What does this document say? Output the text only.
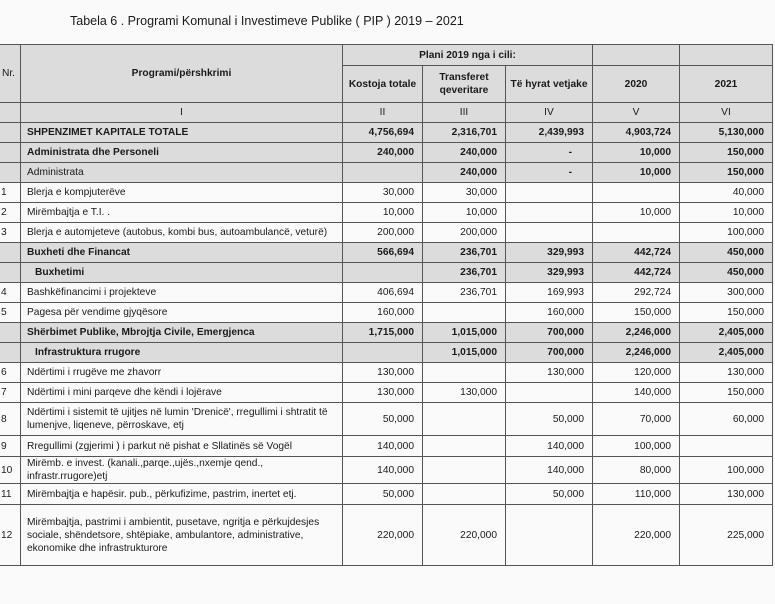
Tabela 6 . Programi Komunal i Investimeve Publike ( PIP ) 2019 – 2021
Nr.	Programi/përshkrimi	Plani 2019 nga i cili:				
		Kostoja totale	Transferet qeveritare	Të hyrat vetjake	2020	2021
	I	II	III	IV	V	VI
	SHPENZIMET KAPITALE TOTALE	4,756,694	2,316,701	2,439,993	4,903,724	5,130,000
	Administrata dhe Personeli	240,000	240,000	-	10,000	150,000
	Administrata		240,000	-	10,000	150,000
1	Blerja e kompjuterëve	30,000	30,000			40,000
2	Mirëmbajtja e T.I. .	10,000	10,000		10,000	10,000
3	Blerja e automjeteve (autobus, kombi bus, autoambulancë, veturë)	200,000	200,000			100,000
	Buxheti dhe Financat	566,694	236,701	329,993	442,724	450,000
	Buxhetimi		236,701	329,993	442,724	450,000
4	Bashkëfinancimi i projekteve	406,694	236,701	169,993	292,724	300,000
5	Pagesa për vendime gjyqësore	160,000		160,000	150,000	150,000
	Shërbimet Publike, Mbrojtja Civile, Emergjenca	1,715,000	1,015,000	700,000	2,246,000	2,405,000
	Infrastruktura rrugore		1,015,000	700,000	2,246,000	2,405,000
6	Ndërtimi i rrugëve me zhavorr	130,000		130,000	120,000	130,000
7	Ndërtimi i mini parqeve dhe këndi i lojërave	130,000	130,000		140,000	150,000
8	Ndërtimi i sistemit të ujitjes në lumin 'Drenicë', rregullimi i shtratit të lumenjve, liqeneve, përroskave, etj	50,000		50,000	70,000	60,000
9	Rregullimi (zgjerimi ) i parkut në pishat e Sllatinës së Vogël	140,000		140,000	100,000	
10	Mirëmb. e invest. (kanali.,parqe.,ujës.,nxemje qend., infrastr.rrugore)etj	140,000		140,000	80,000	100,000
11	Mirëmbajtja e hapësir. pub., përkufizime, pastrim, inertet etj.	50,000		50,000	110,000	130,000
12	Mirëmbajtja, pastrimi i ambientit, pusetave, ngritja e përkujdesjes sociale, shëndetsore, shtëpiake, ambulantore, administrative, ekonomike dhe infrastrukturore	220,000	220,000		220,000	225,000
